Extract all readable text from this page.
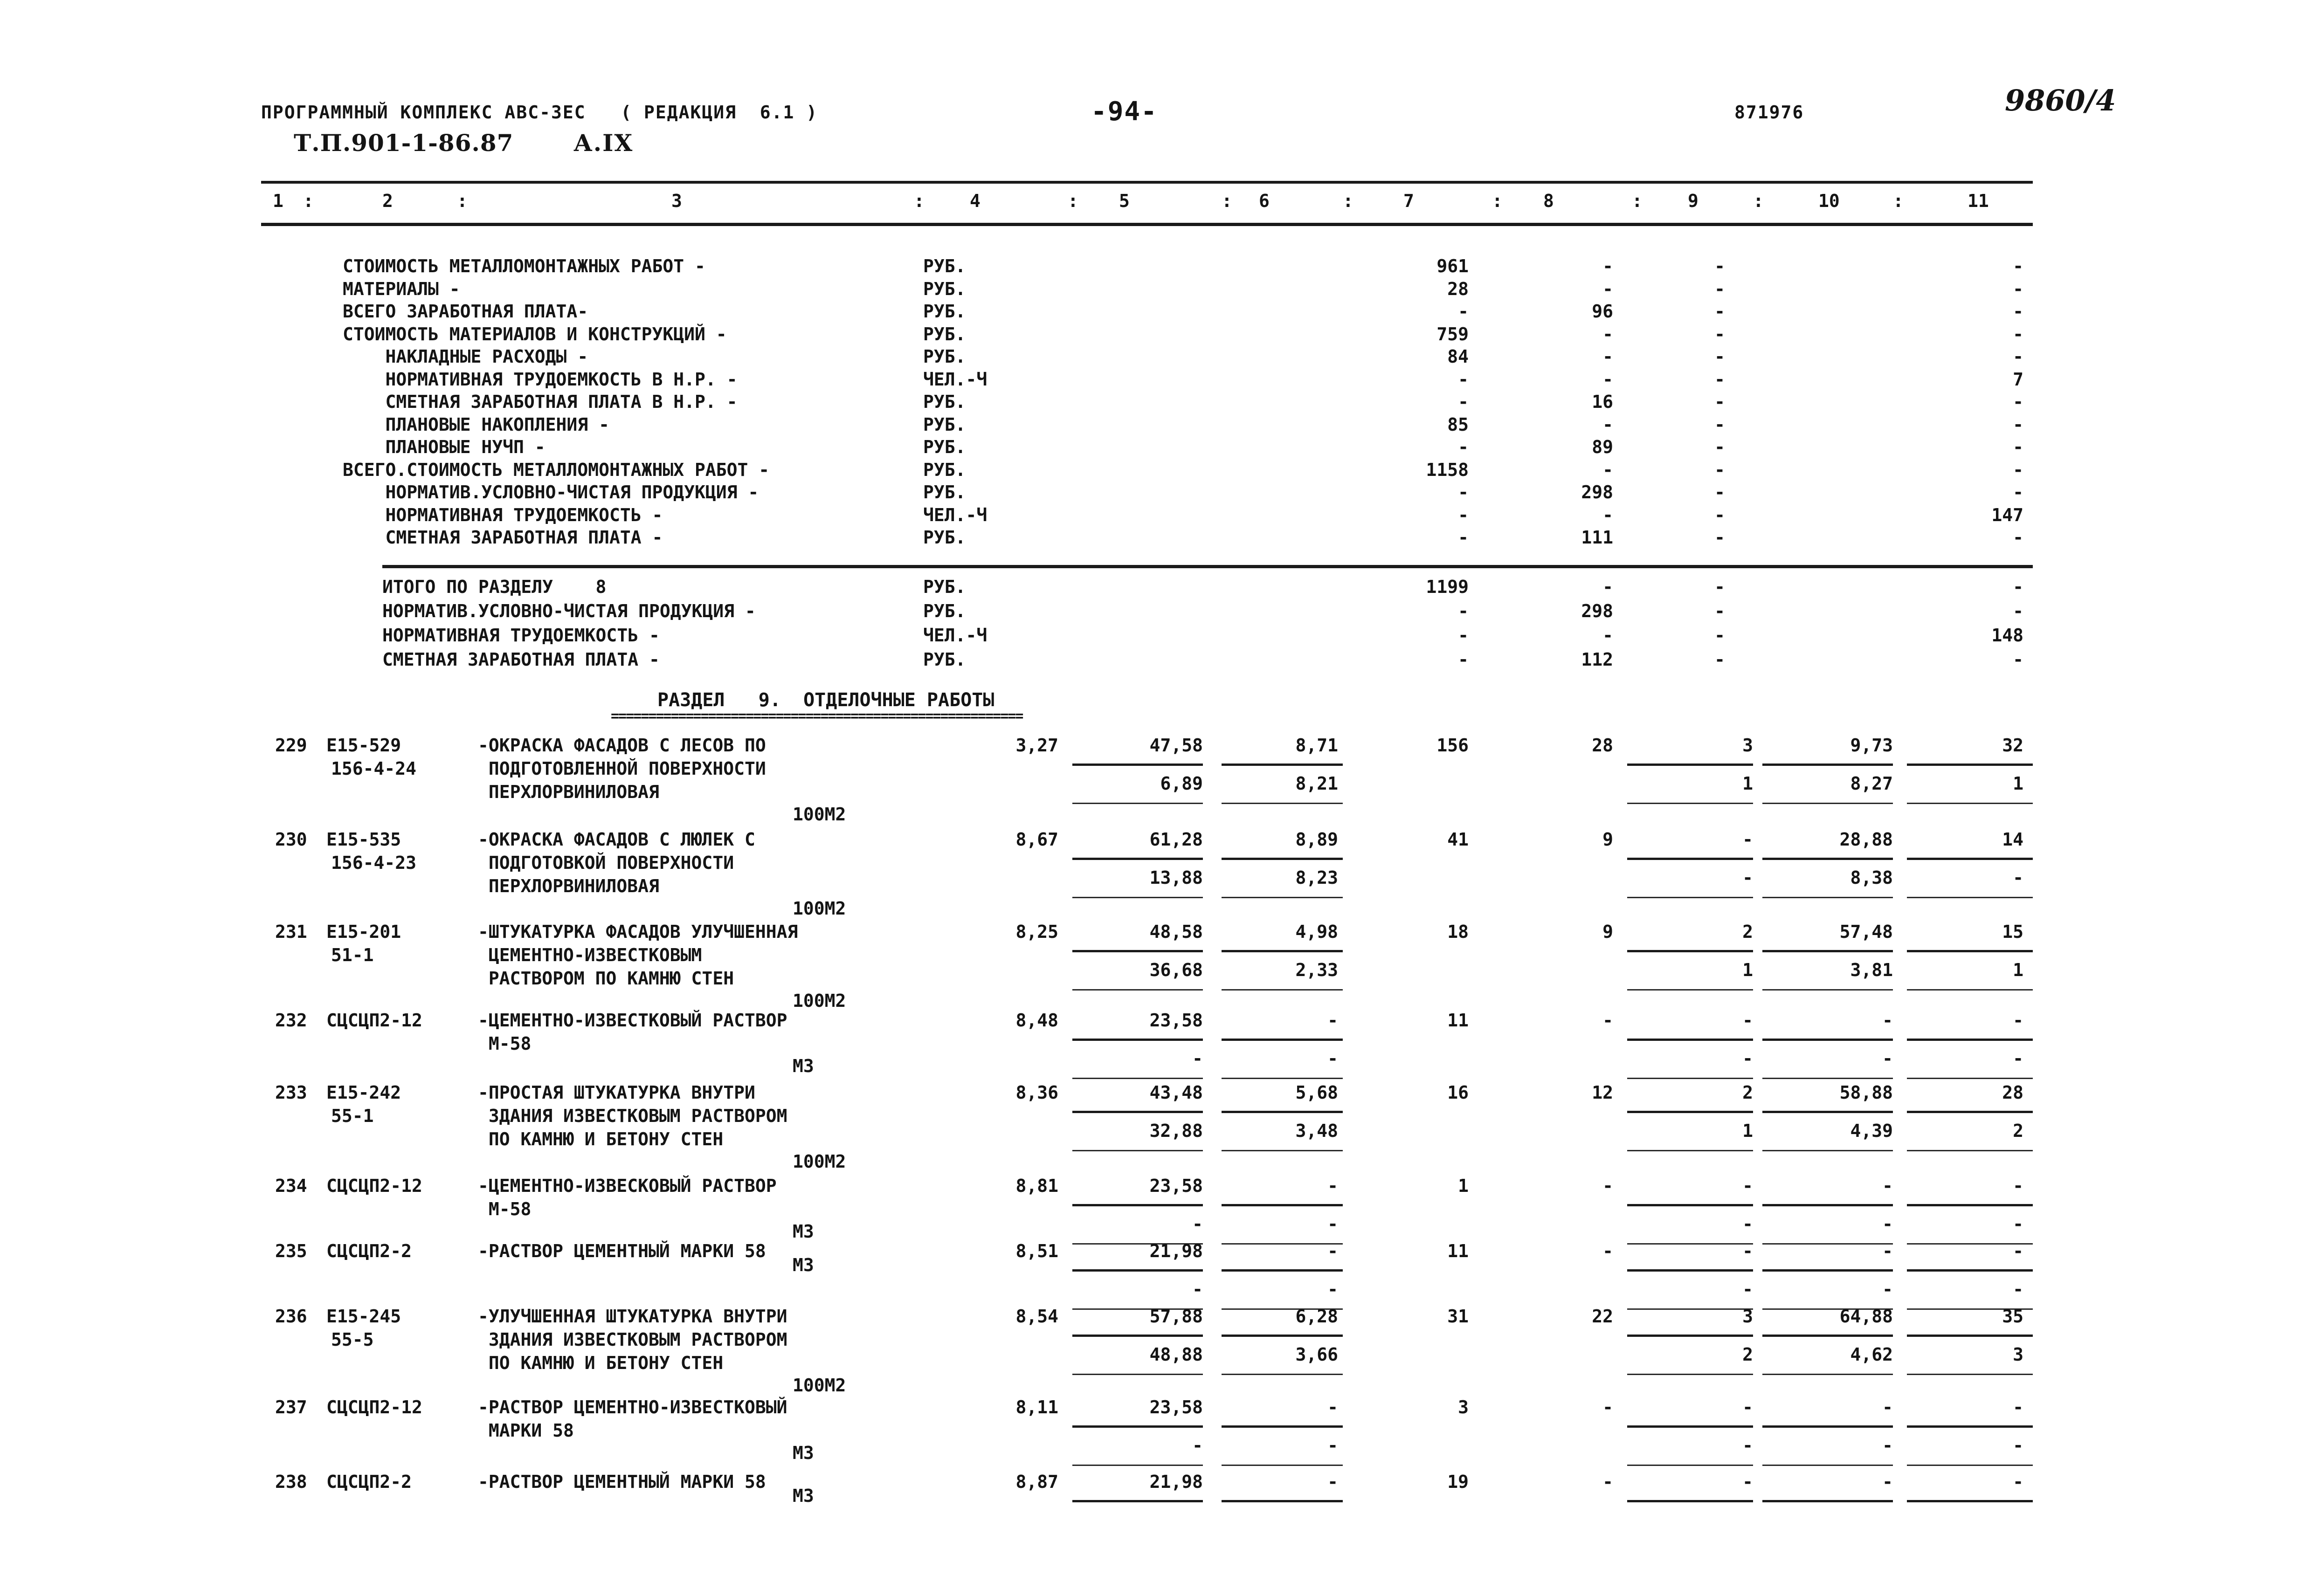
ПРОГРАММНЫЙ КОМПЛЕКС АВС-3ЕС   ( РЕДАКЦИЯ  6.1 )	-94-	871976	9860/4
Т.П.901-1-86.87	А.IX
1	2	3	4	5	6	7	8	9	10	11
:	:	:	:	:	:	:	:	:	:
СТОИМОСТЬ МЕТАЛЛОМОНТАЖНЫХ РАБОТ -	РУБ.	961	-	-	-
МАТЕРИАЛЫ -	РУБ.	28	-	-	-
ВСЕГО ЗАРАБОТНАЯ ПЛАТА-	РУБ.	-	96	-	-
СТОИМОСТЬ МАТЕРИАЛОВ И КОНСТРУКЦИЙ -	РУБ.	759	-	-	-
НАКЛАДНЫЕ РАСХОДЫ -	РУБ.	84	-	-	-
НОРМАТИВНАЯ ТРУДОЕМКОСТЬ В Н.Р. -	ЧЕЛ.-Ч	-	-	-	7
СМЕТНАЯ ЗАРАБОТНАЯ ПЛАТА В Н.Р. -	РУБ.	-	16	-	-
ПЛАНОВЫЕ НАКОПЛЕНИЯ -	РУБ.	85	-	-	-
ПЛАНОВЫЕ НУЧП -	РУБ.	-	89	-	-
ВСЕГО.СТОИМОСТЬ МЕТАЛЛОМОНТАЖНЫХ РАБОТ -	РУБ.	1158	-	-	-
НОРМАТИВ.УСЛОВНО-ЧИСТАЯ ПРОДУКЦИЯ -	РУБ.	-	298	-	-
НОРМАТИВНАЯ ТРУДОЕМКОСТЬ -	ЧЕЛ.-Ч	-	-	-	147
СМЕТНАЯ ЗАРАБОТНАЯ ПЛАТА -	РУБ.	-	111	-	-
ИТОГО ПО РАЗДЕЛУ    8	РУБ.	1199	-	-	-
НОРМАТИВ.УСЛОВНО-ЧИСТАЯ ПРОДУКЦИЯ -	РУБ.	-	298	-	-
НОРМАТИВНАЯ ТРУДОЕМКОСТЬ -	ЧЕЛ.-Ч	-	-	-	148
СМЕТНАЯ ЗАРАБОТНАЯ ПЛАТА -	РУБ.	-	112	-	-
РАЗДЕЛ   9.  ОТДЕЛОЧНЫЕ РАБОТЫ
=======================================================
229 Е15-529
156-4-24
-ОКРАСКА ФАСАДОВ С ЛЕСОВ ПО
ПОДГОТОВЛЕННОЙ ПОВЕРХНОСТИ
ПЕРХЛОРВИНИЛОВАЯ
100М2
3,27	47,58	8,71	156	28	3	9,73	32
6,89	8,21	1	8,27	1
230 Е15-535
156-4-23
-ОКРАСКА ФАСАДОВ С ЛЮЛЕК С
ПОДГОТОВКОЙ ПОВЕРХНОСТИ
ПЕРХЛОРВИНИЛОВАЯ
100М2
8,67	61,28	8,89	41	9	-	28,88	14
13,88	8,23	-	8,38	-
231 Е15-201
51-1
-ШТУКАТУРКА ФАСАДОВ УЛУЧШЕННАЯ
ЦЕМЕНТНО-ИЗВЕСТКОВЫМ
РАСТВОРОМ ПО КАМНЮ СТЕН
100М2
8,25	48,58	4,98	18	9	2	57,48	15
36,68	2,33	1	3,81	1
232 СЦСЦП2-12	-ЦЕМЕНТНО-ИЗВЕСТКОВЫЙ РАСТВОР
М-58
М3
8,48	23,58	-	11	-	-	-	-
-	-	-	-	-
233 Е15-242
55-1
-ПРОСТАЯ ШТУКАТУРКА ВНУТРИ
ЗДАНИЯ ИЗВЕСТКОВЫМ РАСТВОРОМ
ПО КАМНЮ И БЕТОНУ СТЕН
100М2
8,36	43,48	5,68	16	12	2	58,88	28
32,88	3,48	1	4,39	2
234 СЦСЦП2-12	-ЦЕМЕНТНО-ИЗВЕСКОВЫЙ РАСТВОР
М-58
М3
8,81	23,58	-	1	-	-	-	-
-	-	-	-	-
235 СЦСЦП2-2	-РАСТВОР ЦЕМЕНТНЫЙ МАРКИ 58
М3
8,51	21,98	-	11	-	-	-	-
-	-	-	-	-
236 Е15-245
55-5
-УЛУЧШЕННАЯ ШТУКАТУРКА ВНУТРИ
ЗДАНИЯ ИЗВЕСТКОВЫМ РАСТВОРОМ
ПО КАМНЮ И БЕТОНУ СТЕН
100М2
8,54	57,88	6,28	31	22	3	64,88	35
48,88	3,66	2	4,62	3
237 СЦСЦП2-12	-РАСТВОР ЦЕМЕНТНО-ИЗВЕСТКОВЫЙ
МАРКИ 58
М3
8,11	23,58	-	3	-	-	-	-
-	-	-	-	-
238 СЦСЦП2-2	-РАСТВОР ЦЕМЕНТНЫЙ МАРКИ 58
М3
8,87	21,98	-	19	-	-	-	-
